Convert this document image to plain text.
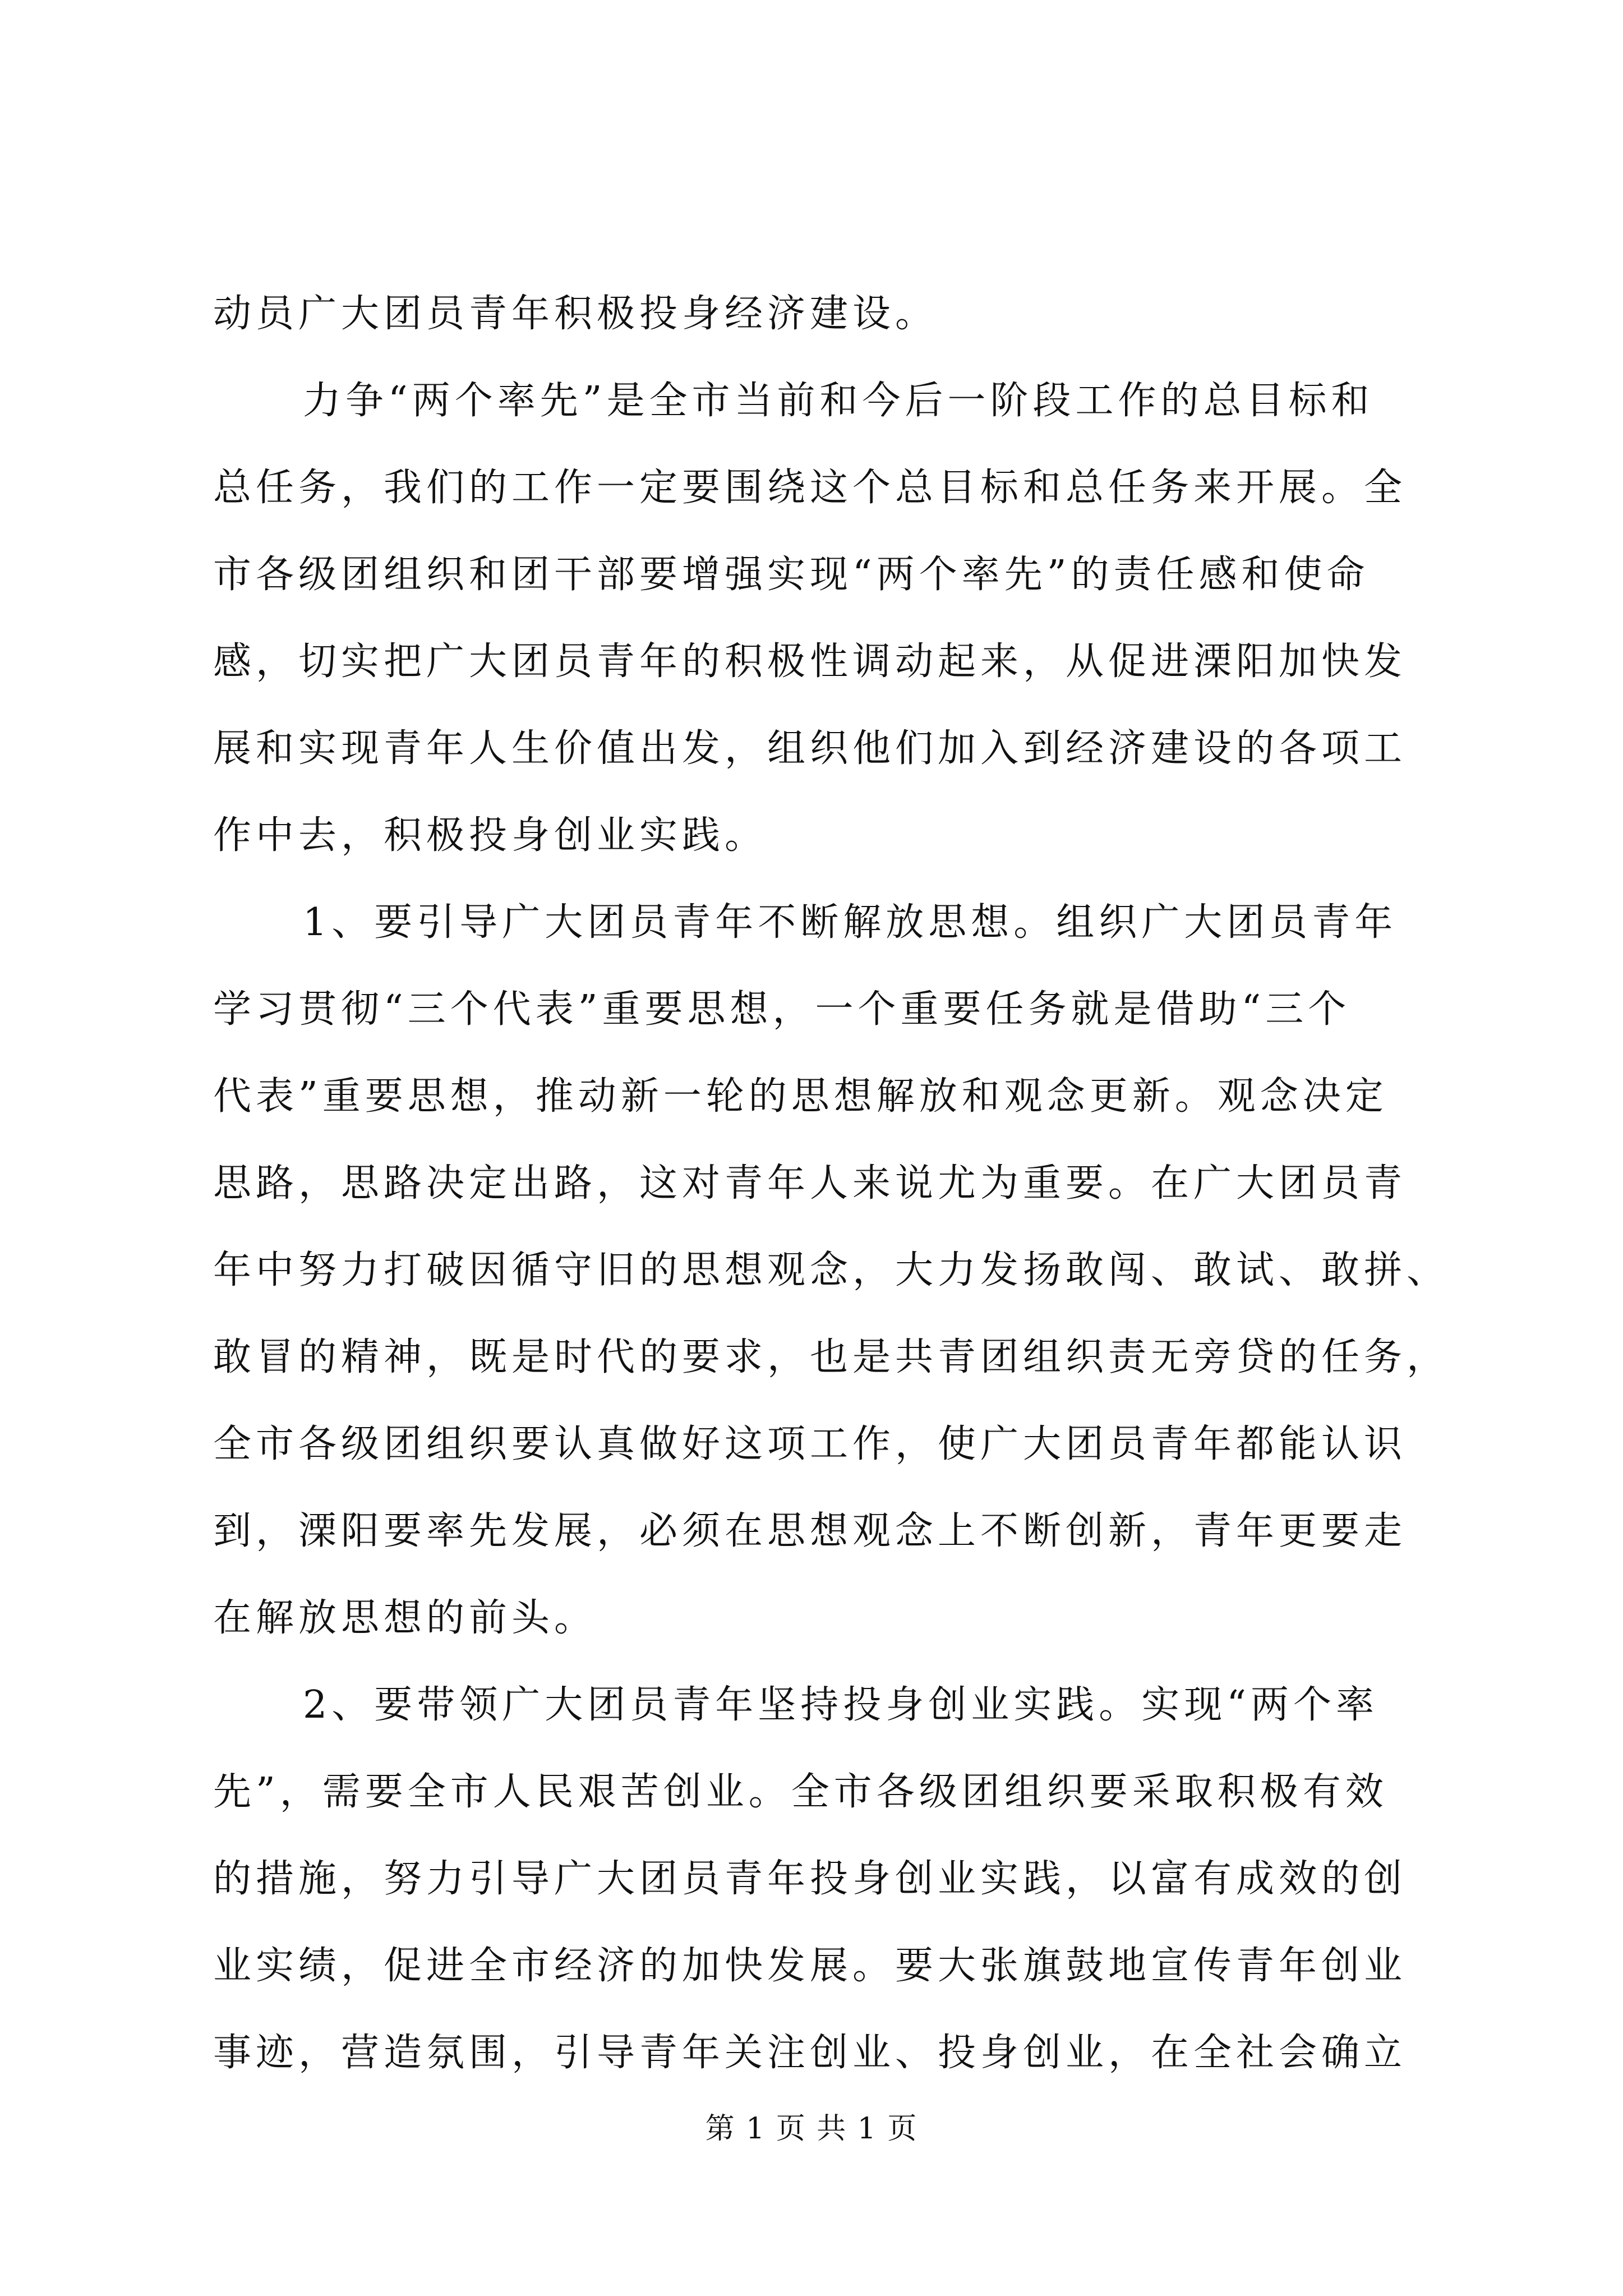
动员广大团员青年积极投身经济建设。
力争“两个率先”是全市当前和今后一阶段工作的总目标和
总任务，我们的工作一定要围绕这个总目标和总任务来开展。全
市各级团组织和团干部要增强实现“两个率先”的责任感和使命
感，切实把广大团员青年的积极性调动起来，从促进溧阳加快发
展和实现青年人生价值出发，组织他们加入到经济建设的各项工
作中去，积极投身创业实践。
1、要引导广大团员青年不断解放思想。组织广大团员青年
学习贯彻“三个代表”重要思想，一个重要任务就是借助“三个
代表”重要思想，推动新一轮的思想解放和观念更新。观念决定
思路，思路决定出路，这对青年人来说尤为重要。在广大团员青
年中努力打破因循守旧的思想观念，大力发扬敢闯、敢试、敢拼、
敢冒的精神，既是时代的要求，也是共青团组织责无旁贷的任务，
全市各级团组织要认真做好这项工作，使广大团员青年都能认识
到，溧阳要率先发展，必须在思想观念上不断创新，青年更要走
在解放思想的前头。
2、要带领广大团员青年坚持投身创业实践。实现“两个率
先”，需要全市人民艰苦创业。全市各级团组织要采取积极有效
的措施，努力引导广大团员青年投身创业实践，以富有成效的创
业实绩，促进全市经济的加快发展。要大张旗鼓地宣传青年创业
事迹，营造氛围，引导青年关注创业、投身创业，在全社会确立
第 1 页 共 1 页
